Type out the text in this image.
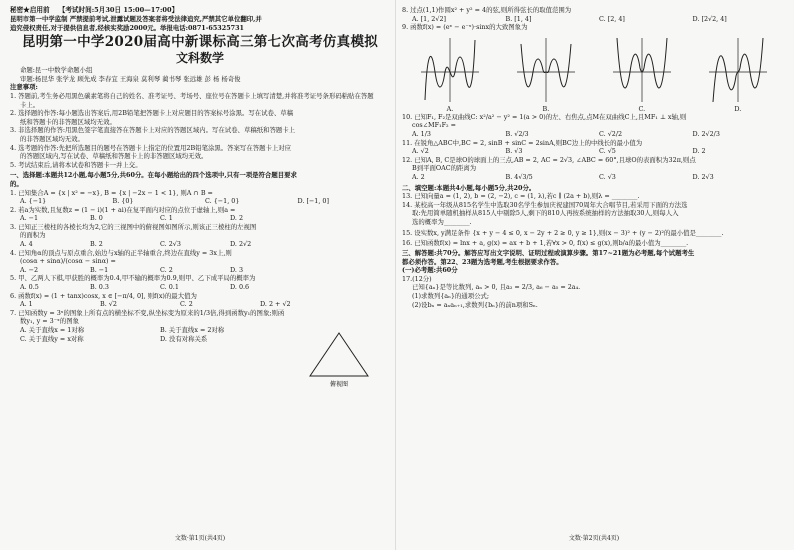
秘密★启用前 【考试时间:5月30日 15:00—17:00】
昆明市第一中学监制 严禁提前考试,泄露试题及答案者将受法律追究,严禁其它单位翻印,并
追究侵权责任,对于提供信息者,经核实奖励2000元。举报电话:0871-65325731
昆明第一中学2020届高中新课标高三第七次高考仿真模拟
文科数学
命题:昆一中数学命题小组
审题:杨昆华 张学龙 顾先成 李春宜 王海泉 莫利琴 蔺书琴 张远雄 彭 杨 杨奇俊
注意事项:
1. 答题前,考生务必用黑色碳素笔将自己的姓名、准考证号、考场号、座位号在答题卡上填写清楚,并将准考证号条形码粘贴在答题
卡上。
2. 选择题的作答:每小题选出答案后,用2B铅笔把答题卡上对应题目的答案标号涂黑。写在试卷、草稿
纸和答题卡的非答题区域均无效。
3. 非选择题的作答:用黑色签字笔直接答在答题卡上对应的答题区域内。写在试卷、草稿纸和答题卡上
的非答题区域均无效。
4. 选考题的作答:先把所选题目的题号在答题卡上指定的位置用2B铅笔涂黑。答案写在答题卡上对应
的答题区域内,写在试卷、草稿纸和答题卡上的非答题区域均无效。
5. 考试结束后,请将本试卷和答题卡一并上交。
一、选择题:本题共12小题,每小题5分,共60分。在每小题给出的四个选项中,只有一项是符合题目要求
的。
1. 已知集合A = {x | x² = −x}, B = {x | −2x − 1 < 1}, 则A ∩ B =
A. {−1}	B. {0}	C. {−1, 0}	D. [−1, 0]
2. 若a为实数,且复数z = (1 − i)(1 + ai)在复平面内对应的点位于虚轴上,则a =
A. −1	B. 0	C. 1	D. 2
3. 已知正三棱柱的各棱长均为2,它的三视图中的俯视图如图所示,则该正三棱柱的左视图
的面积为
A. 4	B. 2	C. 2√3	D. 2√2
4. 已知角α的顶点与原点重合,始边与x轴的正半轴重合,终边在直线y = 3x上,则
(cosα + sinα)/(cosα − sinα) =
A. −2	B. −1	C. 2	D. 3
5. 甲、乙两人下棋,甲获胜的概率为0.4,甲不输的概率为0.9,则甲、乙下成平局的概率为
A. 0.5	B. 0.3	C. 0.1	D. 0.6
6. 函数f(x) = (1 + tanx)cosx, x ∈ [−π/4, 0], 则f(x)的最大值为
A. 1	B. √2	C. 2	D. 2 + √2
7. 已知函数y = 3ˣ的图象上所有点的横坐标不变,纵坐标变为原来的1/3倍,得到函数y₁的图象;则函
数y₁, y = 3⁻ˣ的图象
A. 关于直线x = 1对称	B. 关于直线x = 2对称
C. 关于直线y = x对称	D. 没有对称关系
文数·第1页(共4页)
俯视图
8. 过点(1,1)作圆x² + y² = 4的弦,则所得弦长的取值范围为
A. [1, 2√2]	B. [1, 4]	C. [2, 4]	D. [2√2, 4]
9. 函数f(x) = (eˣ − e⁻ˣ)·sinx的大致图象为
A.	B.	C.	D.
10. 已知F₁, F₂是双曲线C: x²/a² − y² = 1(a > 0)的左、右焦点,点M在双曲线C上,且MF₁ ⊥ x轴,则
cos∠MF₁F₂ =
A. 1/3	B. √2/3	C. √2/2	D. 2√2/3
11. 在锐角△ABC中,BC = 2, sinB + sinC = 2sinA,则BC边上的中线长的最小值为
A. √2	B. √3	C. √5	D. 2
12. 已知A, B, C是球O的球面上的三点,AB = 2, AC = 2√3, ∠ABC = 60°,且球O的表面积为32π,则点
B到平面OAC的距离为
A. 2	B. 4√3/5	C. √3	D. 2√3
二、填空题:本题共4小题,每小题5分,共20分。
13. 已知向量a = (1, 2), b = (2, −2), c = (1, λ),若c ∥ (2a + b),则λ = ________.
14. 某校高一年级从815名学生中选取30名学生参加庆祝建国70周年大合唱节目,若采用下面的方法选
取:先用简单随机抽样从815人中剔除5人,剩下的810人再按系统抽样的方法抽取30人,则每人入
选的概率为________.
15. 设实数x, y满足条件 {x + y − 4 ≤ 0, x − 2y + 2 ≥ 0, y ≥ 1},则(x − 3)² + (y − 2)²的最小值是________.
16. 已知函数f(x) = lnx + a, g(x) = ax + b + 1,若∀x > 0, f(x) ≤ g(x),则b/a的最小值为________.
三、解答题:共70分。解答应写出文字说明、证明过程或演算步骤。第17~21题为必考题,每个试题考生
都必须作答。第22、23题为选考题,考生根据要求作答。
(一)必考题:共60分
17.(12分)
已知{aₙ}是等比数列, aₙ > 0, 且a₂ = 2/3, a₆ − a₅ = 2a₄.
(1)求数列{aₙ}的通项公式;
(2)设bₙ = aₙaₙ₊₁,求数列{bₙ}的前n项和Sₙ.
文数·第2页(共4页)
